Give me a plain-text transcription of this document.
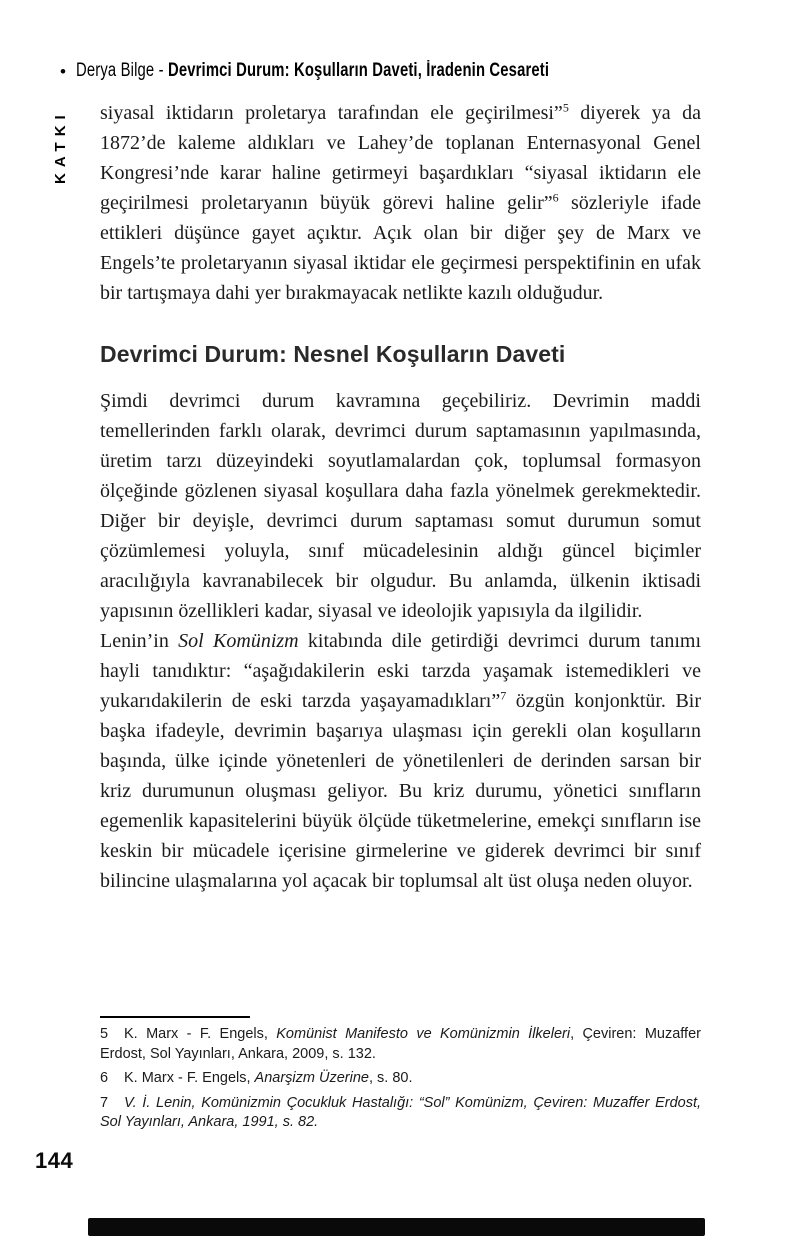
• Derya Bilge - Devrimci Durum: Koşulların Daveti, İradenin Cesareti
KATKI siyasal iktidarın proletarya tarafından ele geçirilmesi”$^5$ diyerek ya da 1872’de kaleme aldıkları ve Lahey’de toplanan Enternasyonal Genel Kongresi’nde karar haline getirmeyi başardıkları “siyasal iktidarın ele geçirilmesi proletaryanın büyük görevi haline gelir”$^6$ sözleriyle ifade ettikleri düşünce gayet açıktır. Açık olan bir diğer şey de Marx ve Engels’te proletaryanın siyasal iktidar ele geçirmesi perspektifinin en ufak bir tartışmaya dahi yer bırakmayacak netlikte kazılı olduğudur.

Devrimci Durum: Nesnel Koşulların Daveti

Şimdi devrimci durum kavramına geçebiliriz. Devrimin maddi temellerinden farklı olarak, devrimci durum saptamasının yapılmasında, üretim tarzı düzeyindeki soyutlamalardan çok, toplumsal formasyon ölçeğinde gözlenen siyasal koşullara daha fazla yönelmek gerekmektedir. Diğer bir deyişle, devrimci durum saptaması somut durumun somut çözümlemesi yoluyla, sınıf mücadelesinin aldığı güncel biçimler aracılığıyla kavranabilecek bir olgudur. Bu anlamda, ülkenin iktisadi yapısının özellikleri kadar, siyasal ve ideolojik yapısıyla da ilgilidir.

Lenin’in Sol Komünizm kitabında dile getirdiği devrimci durum tanımı hayli tanıdıktır: “aşağıdakilerin eski tarzda yaşamak istemedikleri ve yukarıdakilerin de eski tarzda yaşayamadıkları”$^7$ özgün konjonktür. Bir başka ifadeyle, devrimin başarıya ulaşması için gerekli olan koşulların başında, ülke içinde yönetenleri de yönetilenleri de derinden sarsan bir kriz durumunun oluşması geliyor. Bu kriz durumu, yönetici sınıfların egemenlik kapasitelerini büyük ölçüde tüketmelerine, emekçi sınıfların ise keskin bir mücadele içerisine girmelerine ve giderek devrimci bir sınıf bilincine ulaşmalarına yol açacak bir toplumsal alt üst oluşa neden oluyor.

5 K. Marx - F. Engels, Komünist Manifesto ve Komünizmin İlkeleri, Çeviren: Muzaffer Erdost, Sol Yayınları, Ankara, 2009, s. 132.
6 K. Marx - F. Engels, Anarşizm Üzerine, s. 80.
7 V. İ. Lenin, Komünizmin Çocukluk Hastalığı: “Sol” Komünizm, Çeviren: Muzaffer Erdost, Sol Yayınları, Ankara, 1991, s. 82.
144
